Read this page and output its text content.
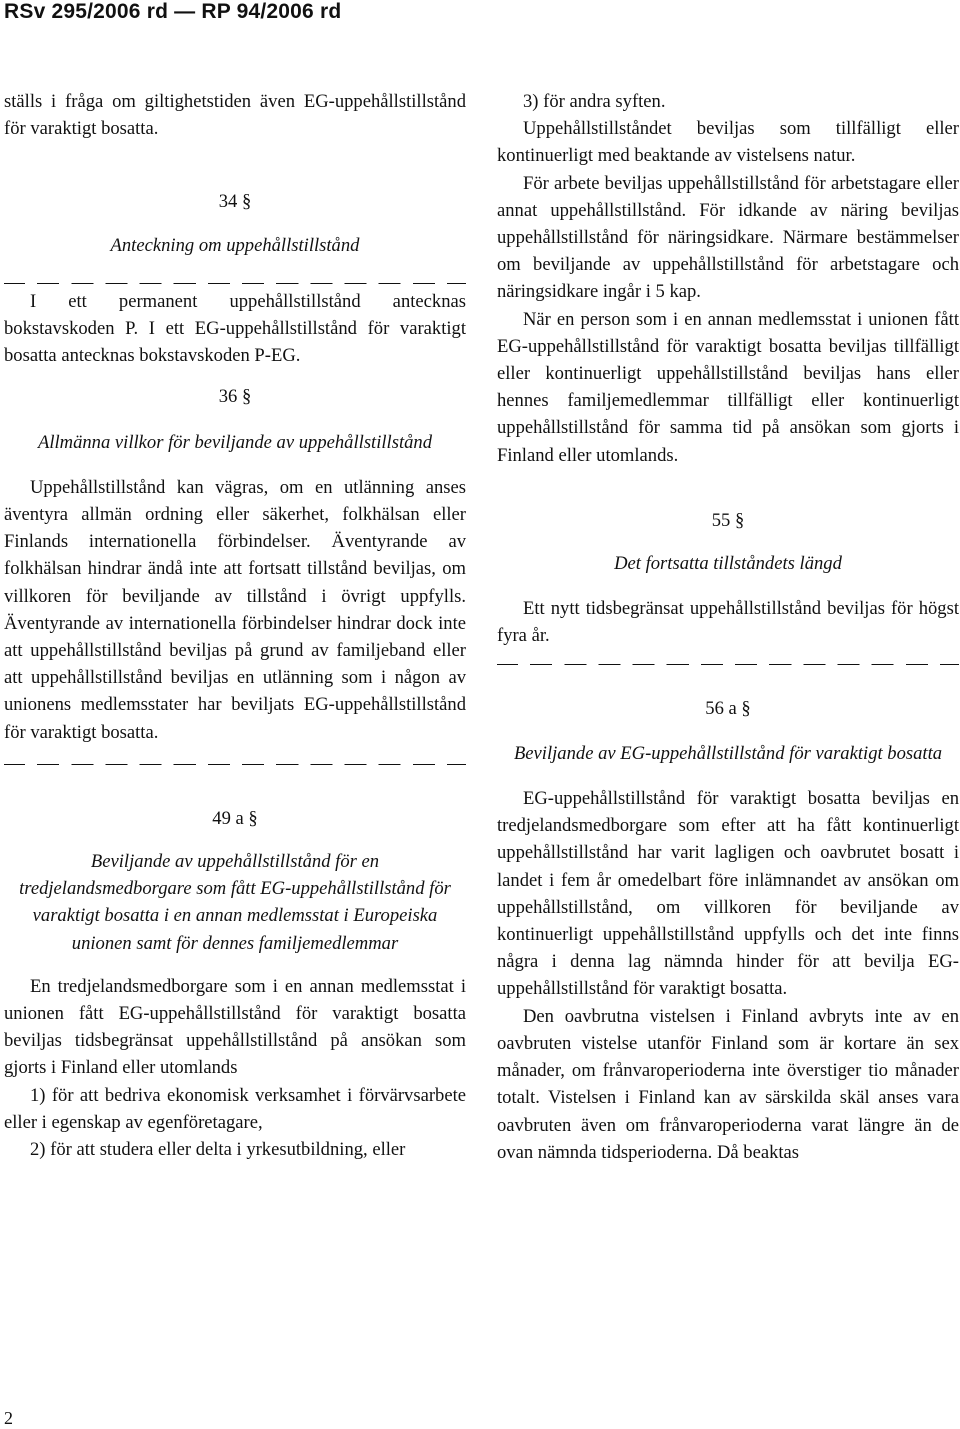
RSv 295/2006 rd — RP 94/2006 rd

ställs i fråga om giltighetstiden även EG-uppehållstillstånd för varaktigt bosatta.

34 §

Anteckning om uppehållstillstånd

I ett permanent uppehållstillstånd antecknas bokstavskoden P. I ett EG-uppehållstillstånd för varaktigt bosatta antecknas bokstavskoden P-EG.

36 §

Allmänna villkor för beviljande av uppehållstillstånd

Uppehållstillstånd kan vägras, om en utlänning anses äventyra allmän ordning eller säkerhet, folkhälsan eller Finlands internationella förbindelser. Äventyrande av folkhälsan hindrar ändå inte att fortsatt tillstånd beviljas, om villkoren för beviljande av tillstånd i övrigt uppfylls. Äventyrande av internationella förbindelser hindrar dock inte att uppehållstillstånd beviljas på grund av familjeband eller att uppehållstillstånd beviljas en utlänning som i någon av unionens medlemsstater har beviljats EG-uppehållstillstånd för varaktigt bosatta.

49 a §

Beviljande av uppehållstillstånd för en tredjelandsmedborgare som fått EG-uppehållstillstånd för varaktigt bosatta i en annan medlemsstat i Europeiska unionen samt för dennes familjemedlemmar

En tredjelandsmedborgare som i en annan medlemsstat i unionen fått EG-uppehållstillstånd för varaktigt bosatta beviljas tidsbegränsat uppehållstillstånd på ansökan som gjorts i Finland eller utomlands

1) för att bedriva ekonomisk verksamhet i förvärvsarbete eller i egenskap av egenföretagare,

2) för att studera eller delta i yrkesutbildning, eller

3) för andra syften.

Uppehållstillståndet beviljas som tillfälligt eller kontinuerligt med beaktande av vistelsens natur.

För arbete beviljas uppehållstillstånd för arbetstagare eller annat uppehållstillstånd. För idkande av näring beviljas uppehållstillstånd för näringsidkare. Närmare bestämmelser om beviljande av uppehållstillstånd för arbetstagare och näringsidkare ingår i 5 kap.

När en person som i en annan medlemsstat i unionen fått EG-uppehållstillstånd för varaktigt bosatta beviljas tillfälligt eller kontinuerligt uppehållstillstånd beviljas hans eller hennes familjemedlemmar tillfälligt eller kontinuerligt uppehållstillstånd för samma tid på ansökan som gjorts i Finland eller utomlands.

55 §

Det fortsatta tillståndets längd

Ett nytt tidsbegränsat uppehållstillstånd beviljas för högst fyra år.

56 a §

Beviljande av EG-uppehållstillstånd för varaktigt bosatta

EG-uppehållstillstånd för varaktigt bosatta beviljas en tredjelandsmedborgare som efter att ha fått kontinuerligt uppehållstillstånd har varit lagligen och oavbrutet bosatt i landet i fem år omedelbart före inlämnandet av ansökan om uppehållstillstånd, om villkoren för beviljande av kontinuerligt uppehållstillstånd uppfylls och det inte finns några i denna lag nämnda hinder för att bevilja EG-uppehållstillstånd för varaktigt bosatta.

Den oavbrutna vistelsen i Finland avbryts inte av en oavbruten vistelse utanför Finland som är kortare än sex månader, om frånvaroperioderna inte överstiger tio månader totalt. Vistelsen i Finland kan av särskilda skäl anses vara oavbruten även om frånvaroperioderna varat längre än de ovan nämnda tidsperioderna. Då beaktas

2
